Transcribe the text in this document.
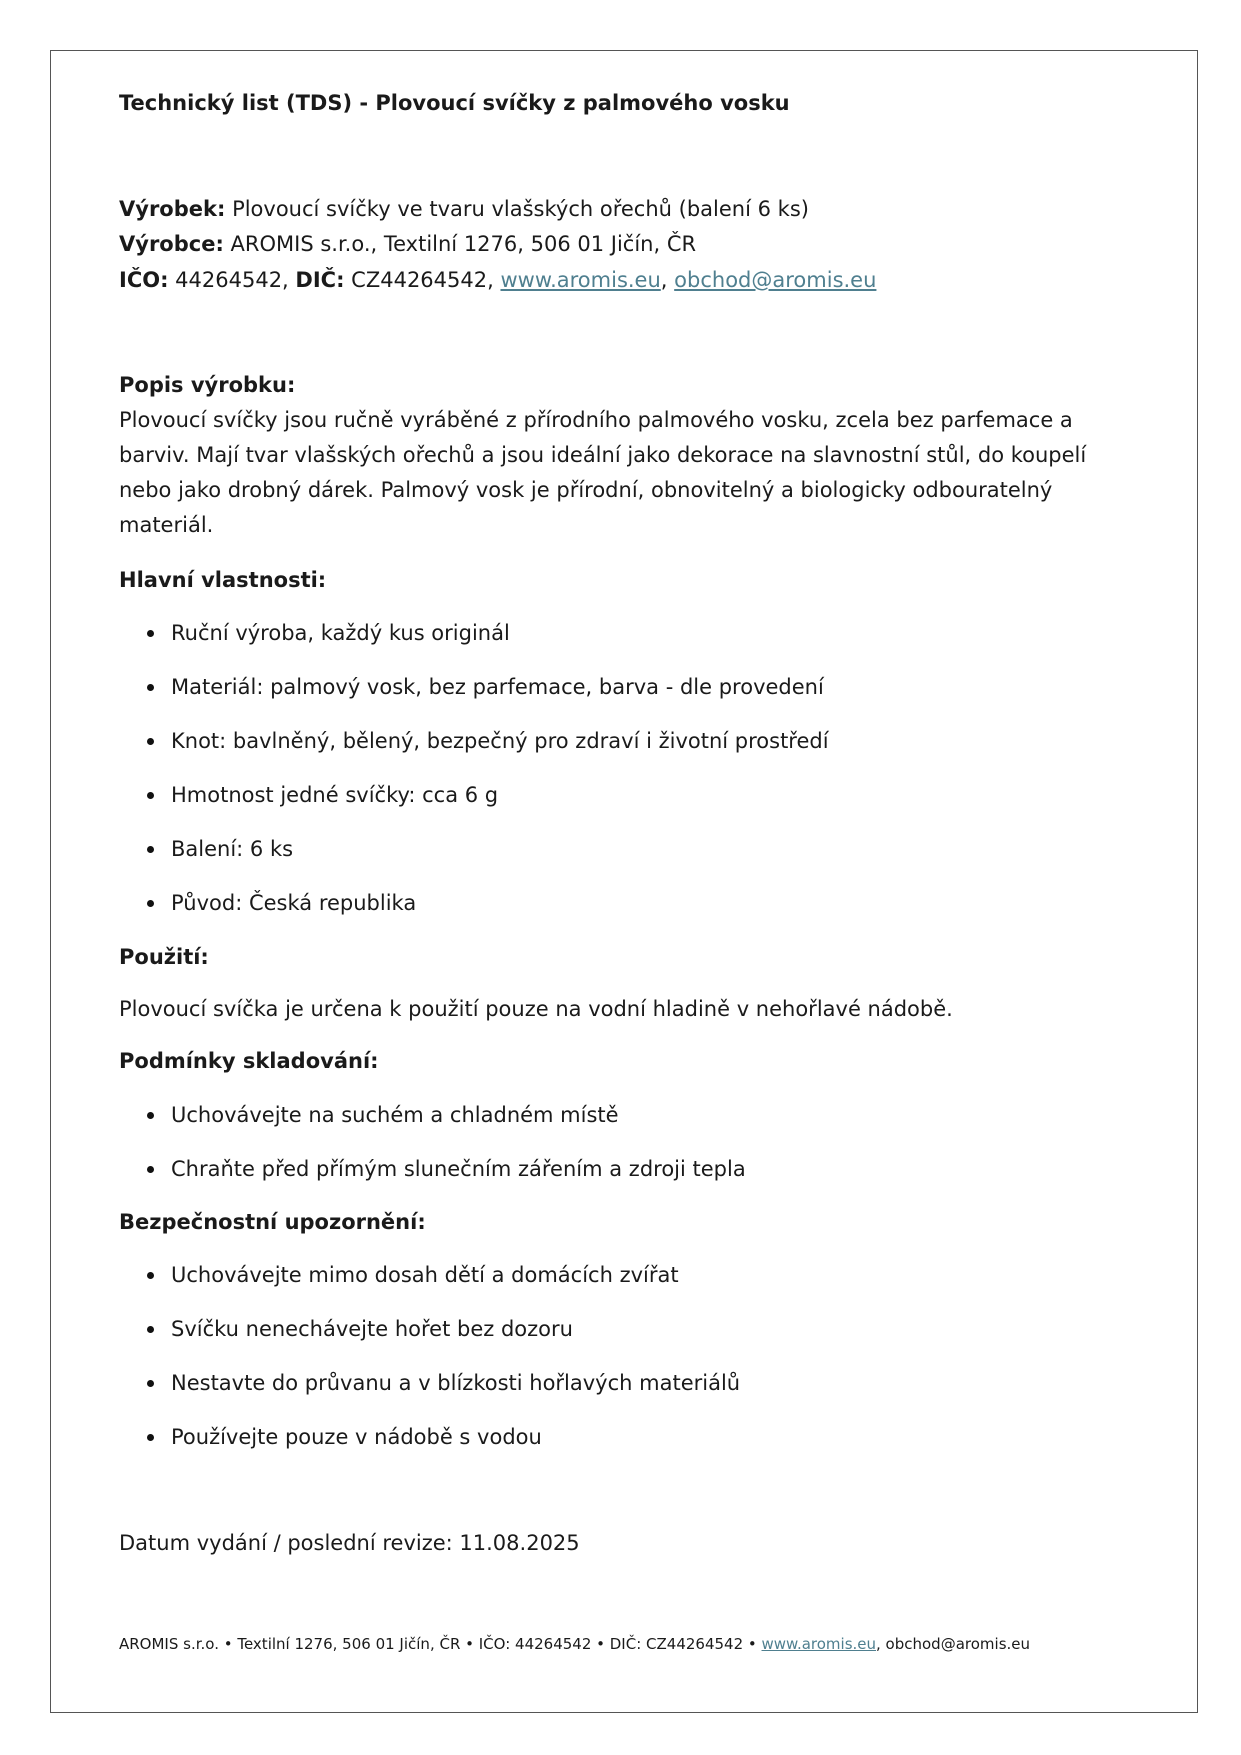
Technický list (TDS) - Plovoucí svíčky z palmového vosku
Výrobek: Plovoucí svíčky ve tvaru vlašských ořechů (balení 6 ks)
Výrobce: AROMIS s.r.o., Textilní 1276, 506 01 Jičín, ČR
IČO: 44264542, DIČ: CZ44264542, www.aromis.eu, obchod@aromis.eu
Popis výrobku:
Plovoucí svíčky jsou ručně vyráběné z přírodního palmového vosku, zcela bez parfemace a
barviv. Mají tvar vlašských ořechů a jsou ideální jako dekorace na slavnostní stůl, do koupelí
nebo jako drobný dárek. Palmový vosk je přírodní, obnovitelný a biologicky odbouratelný
materiál.
Hlavní vlastnosti:
Ruční výroba, každý kus originál
Materiál: palmový vosk, bez parfemace, barva - dle provedení
Knot: bavlněný, bělený, bezpečný pro zdraví i životní prostředí
Hmotnost jedné svíčky: cca 6 g
Balení: 6 ks
Původ: Česká republika
Použití:
Plovoucí svíčka je určena k použití pouze na vodní hladině v nehořlavé nádobě.
Podmínky skladování:
Uchovávejte na suchém a chladném místě
Chraňte před přímým slunečním zářením a zdroji tepla
Bezpečnostní upozornění:
Uchovávejte mimo dosah dětí a domácích zvířat
Svíčku nenechávejte hořet bez dozoru
Nestavte do průvanu a v blízkosti hořlavých materiálů
Používejte pouze v nádobě s vodou
Datum vydání / poslední revize: 11.08.2025
AROMIS s.r.o. • Textilní 1276, 506 01 Jičín, ČR • IČO: 44264542 • DIČ: CZ44264542 • www.aromis.eu, obchod@aromis.eu
